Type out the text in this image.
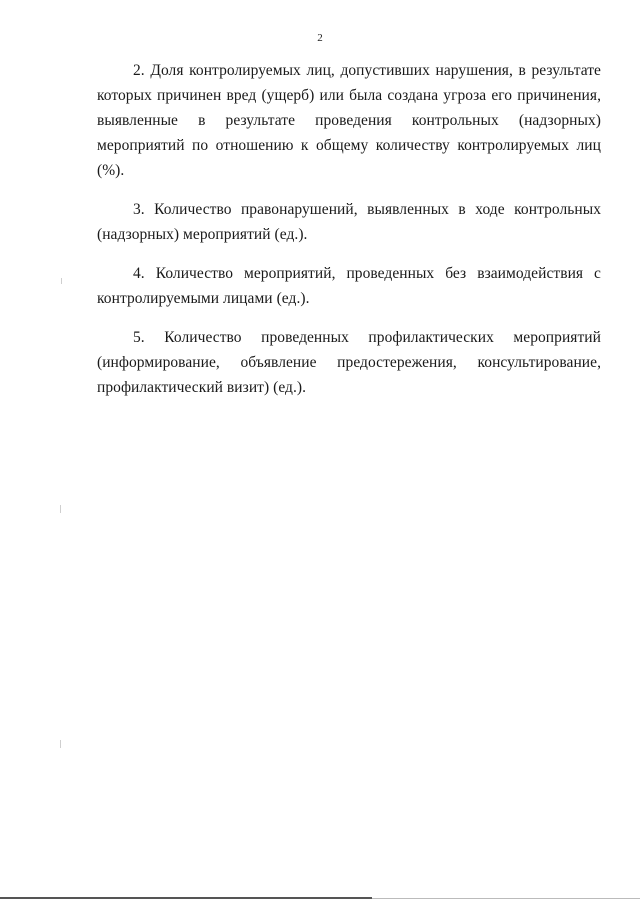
2

2. Доля контролируемых лиц, допустивших нарушения, в результате которых причинен вред (ущерб) или была создана угроза его причинения, выявленные в результате проведения контрольных (надзорных) мероприятий по отношению к общему количеству контролируемых лиц (%).

3. Количество правонарушений, выявленных в ходе контрольных (надзорных) мероприятий (ед.).

4. Количество мероприятий, проведенных без взаимодействия с контролируемыми лицами (ед.).

5. Количество проведенных профилактических мероприятий (информирование, объявление предостережения, консультирование, профилактический визит) (ед.).
